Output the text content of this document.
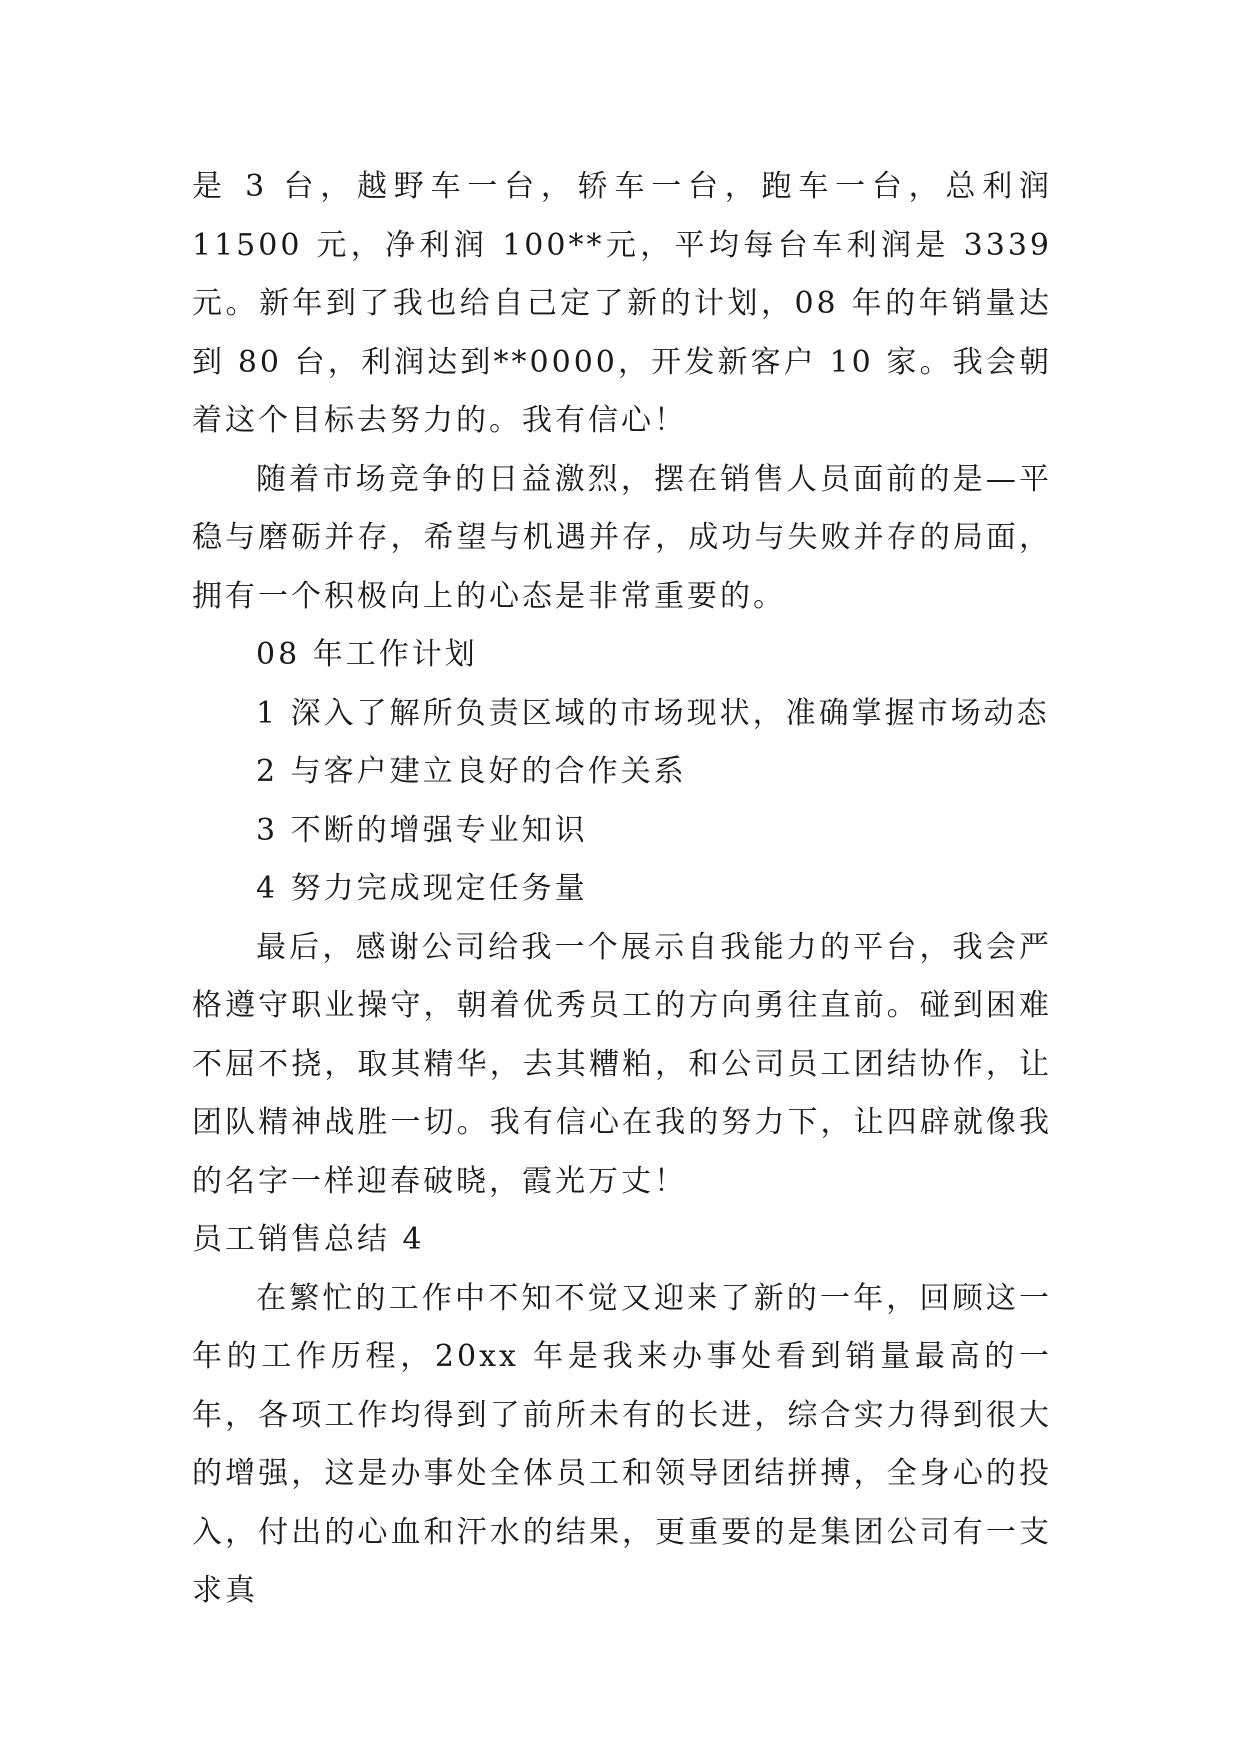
是 3 台，越野车一台，轿车一台，跑车一台，总利润 11500 元，净利润 100**元，平均每台车利润是 3339 元。新年到了我也给自己定了新的计划，08 年的年销量达到 80 台，利润达到**0000，开发新客户 10 家。我会朝着这个目标去努力的。我有信心！

随着市场竞争的日益激烈，摆在销售人员面前的是—平稳与磨砺并存，希望与机遇并存，成功与失败并存的局面，拥有一个积极向上的心态是非常重要的。

08 年工作计划

1 深入了解所负责区域的市场现状，准确掌握市场动态

2 与客户建立良好的合作关系

3 不断的增强专业知识

4 努力完成现定任务量

最后，感谢公司给我一个展示自我能力的平台，我会严格遵守职业操守，朝着优秀员工的方向勇往直前。碰到困难不屈不挠，取其精华，去其糟粕，和公司员工团结协作，让团队精神战胜一切。我有信心在我的努力下，让四辟就像我的名字一样迎春破晓，霞光万丈！

员工销售总结 4

在繁忙的工作中不知不觉又迎来了新的一年，回顾这一年的工作历程，20xx 年是我来办事处看到销量最高的一年，各项工作均得到了前所未有的长进，综合实力得到很大的增强，这是办事处全体员工和领导团结拼搏，全身心的投入，付出的心血和汗水的结果，更重要的是集团公司有一支求真
